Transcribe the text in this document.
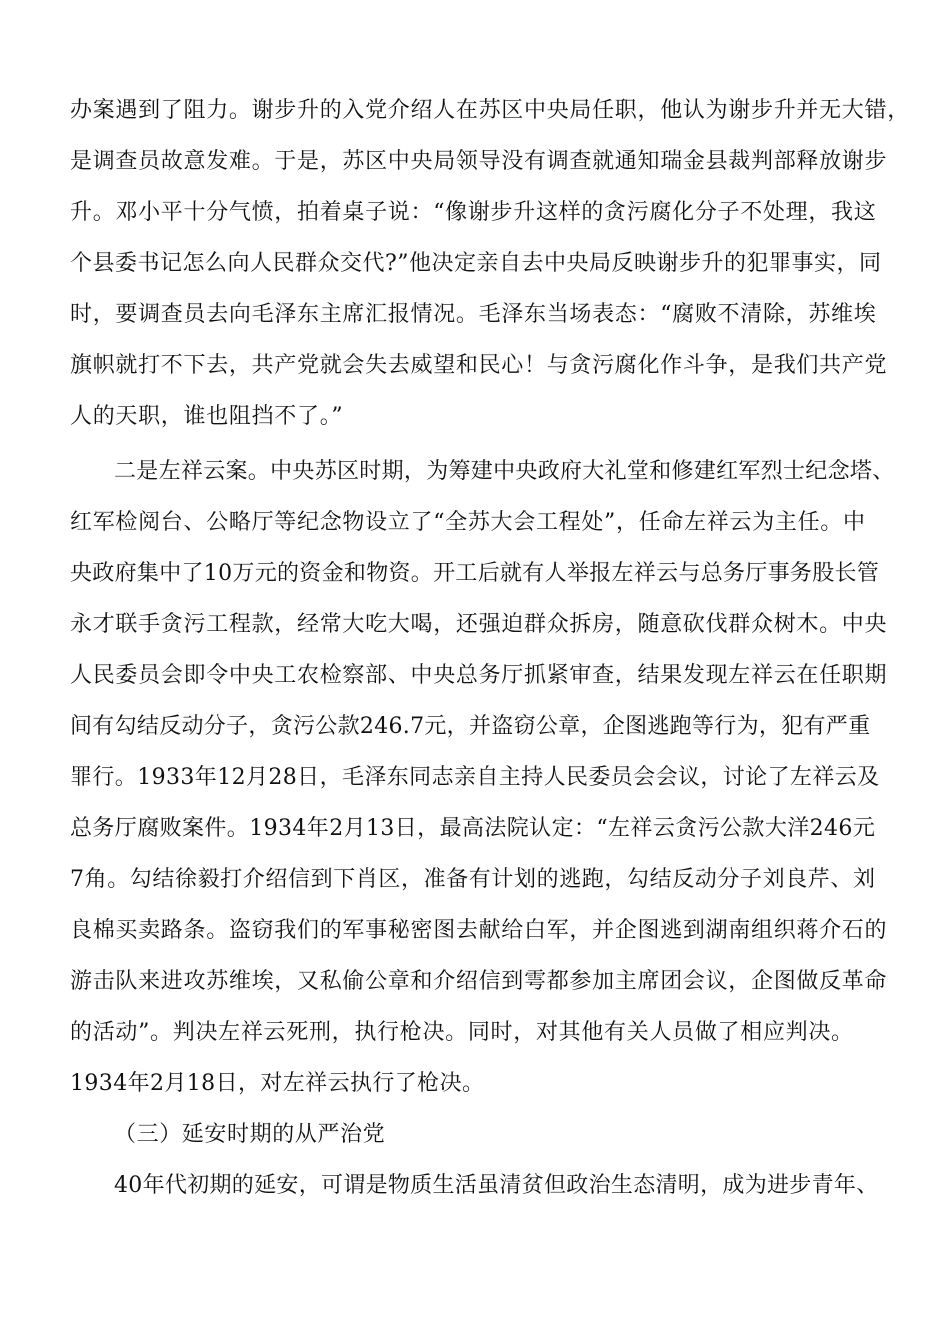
办案遇到了阻力。谢步升的入党介绍人在苏区中央局任职，他认为谢步升并无大错，
是调查员故意发难。于是，苏区中央局领导没有调查就通知瑞金县裁判部释放谢步
升。邓小平十分气愤，拍着桌子说：“像谢步升这样的贪污腐化分子不处理，我这
个县委书记怎么向人民群众交代?”他决定亲自去中央局反映谢步升的犯罪事实，同
时，要调查员去向毛泽东主席汇报情况。毛泽东当场表态：“腐败不清除，苏维埃
旗帜就打不下去，共产党就会失去威望和民心！与贪污腐化作斗争，是我们共产党
人的天职，谁也阻挡不了。”
二是左祥云案。中央苏区时期，为筹建中央政府大礼堂和修建红军烈士纪念塔、
红军检阅台、公略厅等纪念物设立了“全苏大会工程处”，任命左祥云为主任。中
央政府集中了10万元的资金和物资。开工后就有人举报左祥云与总务厅事务股长管
永才联手贪污工程款，经常大吃大喝，还强迫群众拆房，随意砍伐群众树木。中央
人民委员会即令中央工农检察部、中央总务厅抓紧审查，结果发现左祥云在任职期
间有勾结反动分子，贪污公款246.7元，并盗窃公章，企图逃跑等行为，犯有严重
罪行。1933年12月28日，毛泽东同志亲自主持人民委员会会议，讨论了左祥云及
总务厅腐败案件。1934年2月13日，最高法院认定：“左祥云贪污公款大洋246元
7角。勾结徐毅打介绍信到下肖区，准备有计划的逃跑，勾结反动分子刘良芹、刘
良棉买卖路条。盗窃我们的军事秘密图去献给白军，并企图逃到湖南组织蒋介石的
游击队来进攻苏维埃，又私偷公章和介绍信到雩都参加主席团会议，企图做反革命
的活动”。判决左祥云死刑，执行枪决。同时，对其他有关人员做了相应判决。
1934年2月18日，对左祥云执行了枪决。
（三）延安时期的从严治党
40年代初期的延安，可谓是物质生活虽清贫但政治生态清明，成为进步青年、
